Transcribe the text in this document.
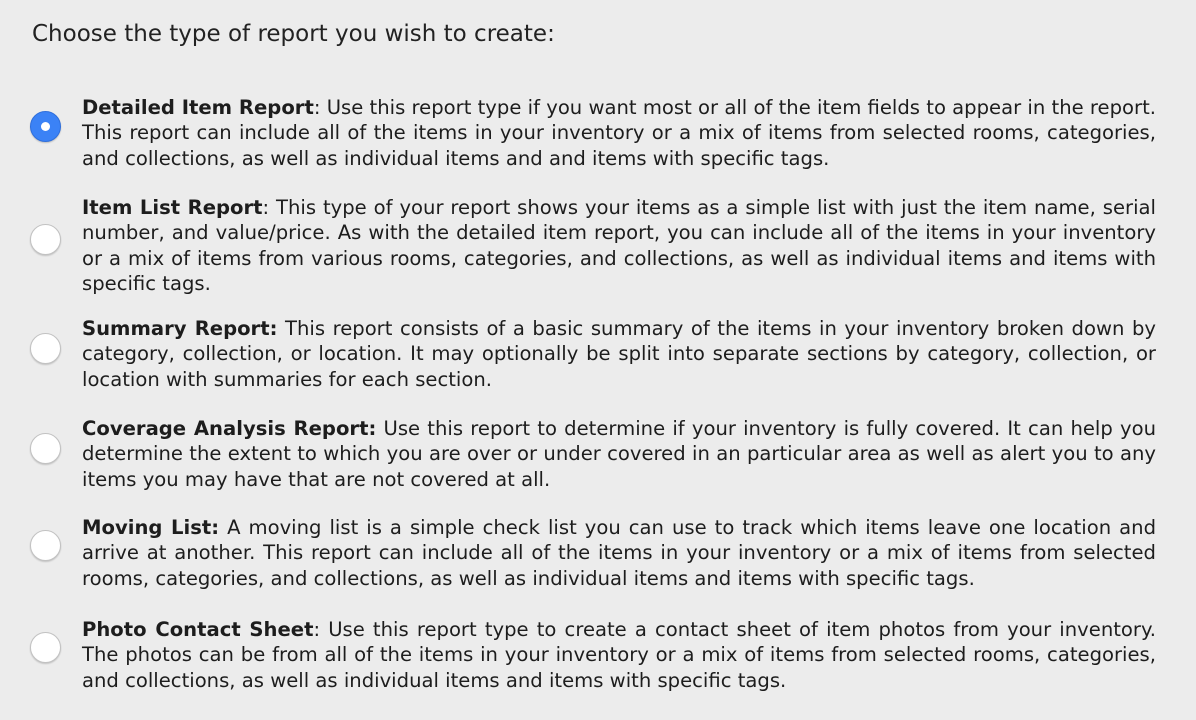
Choose the type of report you wish to create:

Detailed Item Report: Use this report type if you want most or all of the item fields to appear in the report. This report can include all of the items in your inventory or a mix of items from selected rooms, categories, and collections, as well as individual items and and items with specific tags.

Item List Report: This type of your report shows your items as a simple list with just the item name, serial number, and value/price. As with the detailed item report, you can include all of the items in your inventory or a mix of items from various rooms, categories, and collections, as well as individual items and items with specific tags.

Summary Report: This report consists of a basic summary of the items in your inventory broken down by category, collection, or location. It may optionally be split into separate sections by category, collection, or location with summaries for each section.

Coverage Analysis Report: Use this report to determine if your inventory is fully covered. It can help you determine the extent to which you are over or under covered in an particular area as well as alert you to any items you may have that are not covered at all.

Moving List: A moving list is a simple check list you can use to track which items leave one location and arrive at another. This report can include all of the items in your inventory or a mix of items from selected rooms, categories, and collections, as well as individual items and items with specific tags.

Photo Contact Sheet: Use this report type to create a contact sheet of item photos from your inventory. The photos can be from all of the items in your inventory or a mix of items from selected rooms, categories, and collections, as well as individual items and items with specific tags.
